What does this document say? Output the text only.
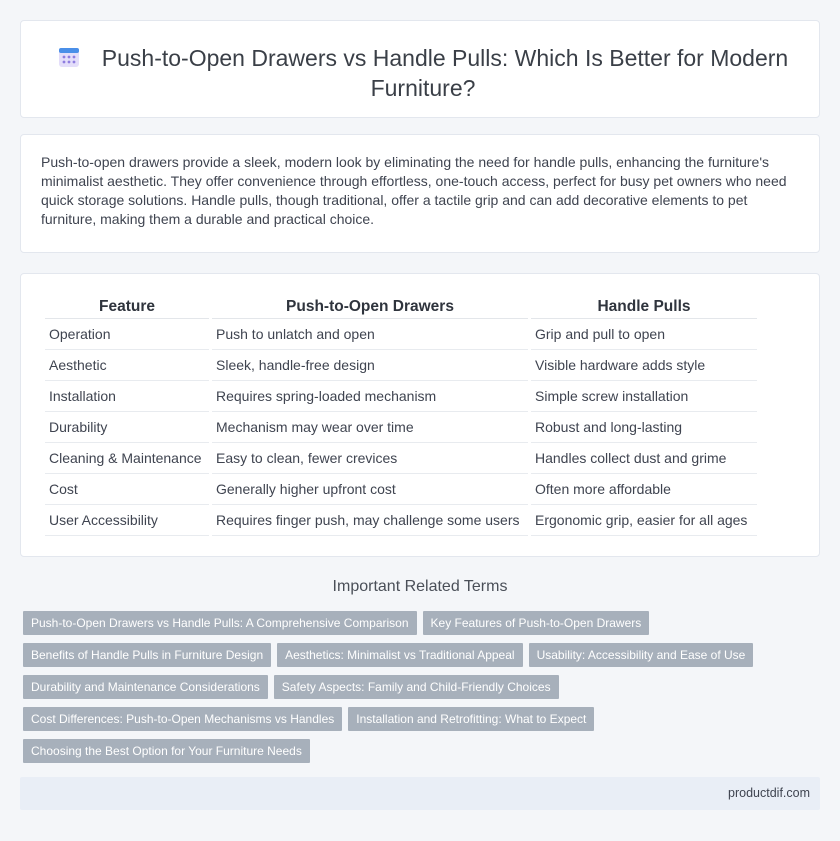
Push-to-Open Drawers vs Handle Pulls: Which Is Better for Modern Furniture?

Push-to-open drawers provide a sleek, modern look by eliminating the need for handle pulls, enhancing the furniture's minimalist aesthetic. They offer convenience through effortless, one-touch access, perfect for busy pet owners who need quick storage solutions. Handle pulls, though traditional, offer a tactile grip and can add decorative elements to pet furniture, making them a durable and practical choice.

Feature	Push-to-Open Drawers	Handle Pulls
Operation	Push to unlatch and open	Grip and pull to open
Aesthetic	Sleek, handle-free design	Visible hardware adds style
Installation	Requires spring-loaded mechanism	Simple screw installation
Durability	Mechanism may wear over time	Robust and long-lasting
Cleaning & Maintenance	Easy to clean, fewer crevices	Handles collect dust and grime
Cost	Generally higher upfront cost	Often more affordable
User Accessibility	Requires finger push, may challenge some users	Ergonomic grip, easier for all ages
Important Related Terms
Push-to-Open Drawers vs Handle Pulls: A Comprehensive Comparison	Key Features of Push-to-Open Drawers
Benefits of Handle Pulls in Furniture Design	Aesthetics: Minimalist vs Traditional Appeal	Usability: Accessibility and Ease of Use
Durability and Maintenance Considerations	Safety Aspects: Family and Child-Friendly Choices
Cost Differences: Push-to-Open Mechanisms vs Handles	Installation and Retrofitting: What to Expect
Choosing the Best Option for Your Furniture Needs
productdif.com
